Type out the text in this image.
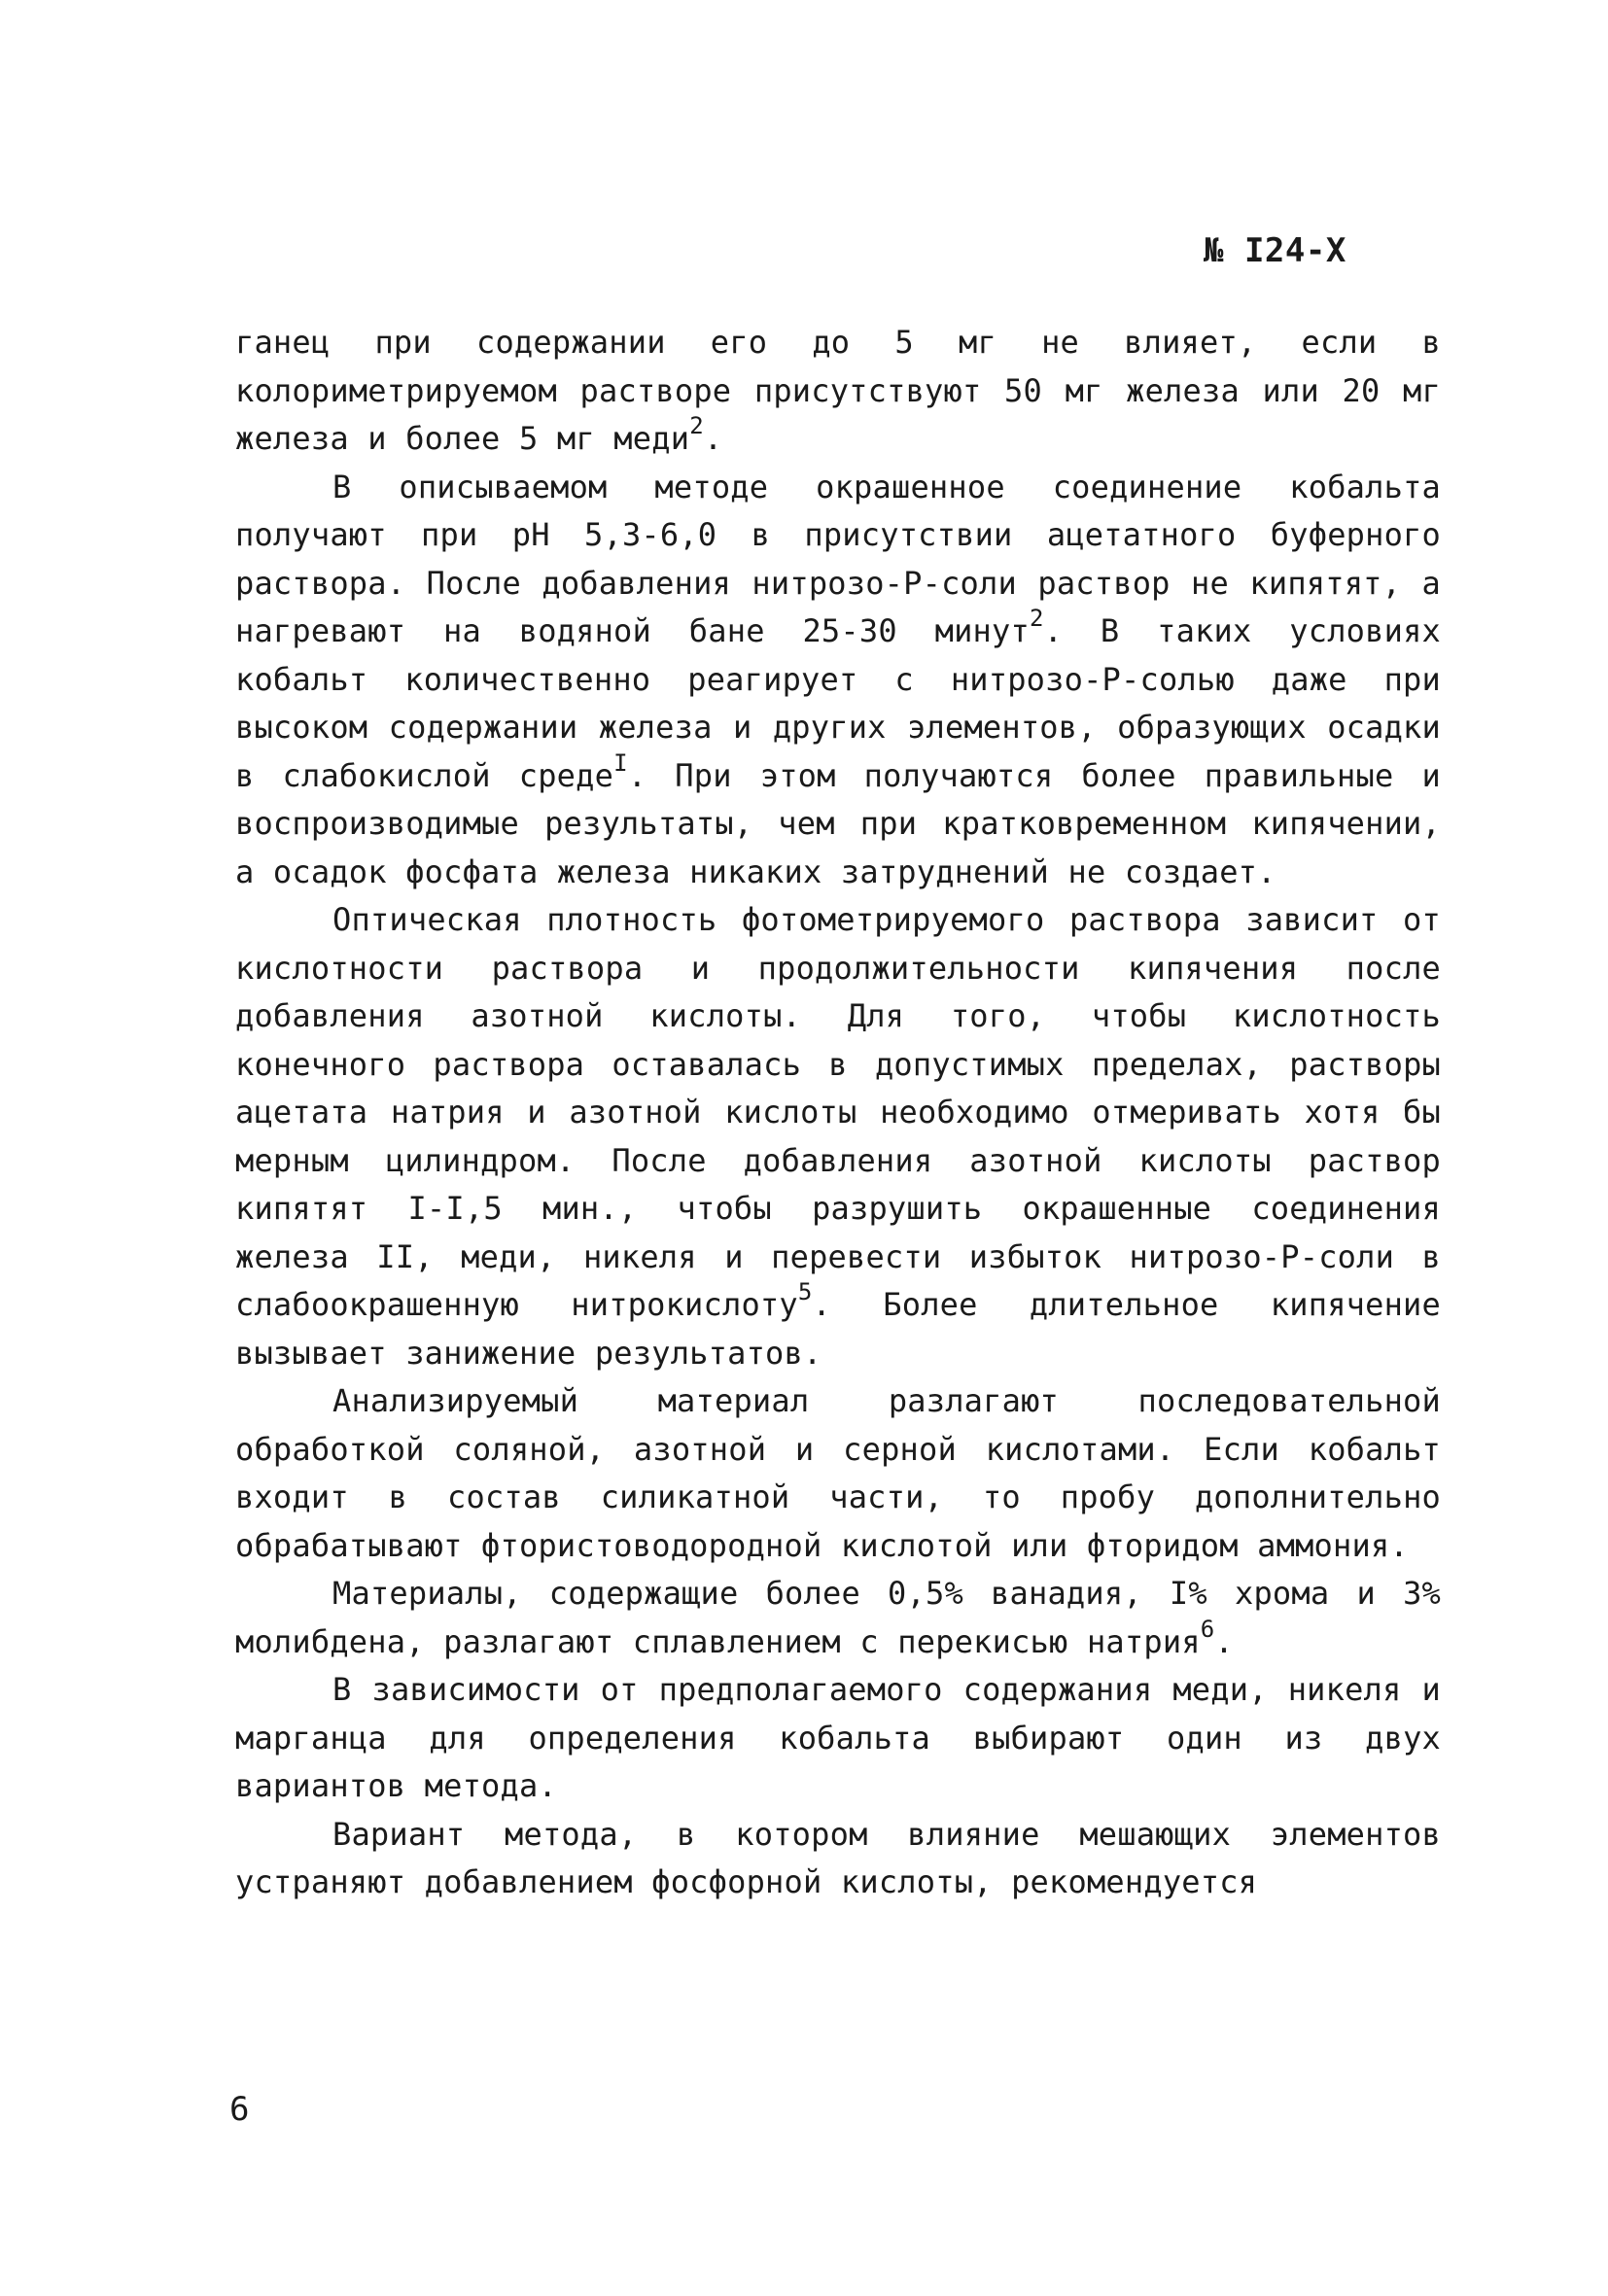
№ I24-X

ганец при содержании его до 5 мг не влияет, если в колориметрируемом растворе присутствуют 50 мг железа или 20 мг железа и более 5 мг меди$^2$.

В описываемом методе окрашенное соединение кобальта получают при pH 5,3-6,0 в присутствии ацетатного буферного раствора. После добавления нитрозо-Р-соли раствор не кипятят, а нагревают на водяной бане 25-30 минут$^2$. В таких условиях кобальт количественно реагирует с нитрозо-Р-солью даже при высоком содержании железа и других элементов, образующих осадки в слабокислой среде$^I$. При этом получаются более правильные и воспроизводимые результаты, чем при кратковременном кипячении, а осадок фосфата железа никаких затруднений не создает.

Оптическая плотность фотометрируемого раствора зависит от кислотности раствора и продолжительности кипячения после добавления азотной кислоты. Для того, чтобы кислотность конечного раствора оставалась в допустимых пределах, растворы ацетата натрия и азотной кислоты необходимо отмеривать хотя бы мерным цилиндром. После добавления азотной кислоты раствор кипятят I-I,5 мин., чтобы разрушить окрашенные соединения железа II, меди, никеля и перевести избыток нитрозо-Р-соли в слабоокрашенную нитрокислоту$^5$. Более длительное кипячение вызывает занижение результатов.

Анализируемый материал разлагают последовательной обработкой соляной, азотной и серной кислотами. Если кобальт входит в состав силикатной части, то пробу дополнительно обрабатывают фтористоводородной кислотой или фторидом аммония.

Материалы, содержащие более 0,5% ванадия, I% хрома и 3% молибдена, разлагают сплавлением с перекисью натрия$^6$.

В зависимости от предполагаемого содержания меди, никеля и марганца для определения кобальта выбирают один из двух вариантов метода.

Вариант метода, в котором влияние мешающих элементов устраняют добавлением фосфорной кислоты, рекомендуется

6
